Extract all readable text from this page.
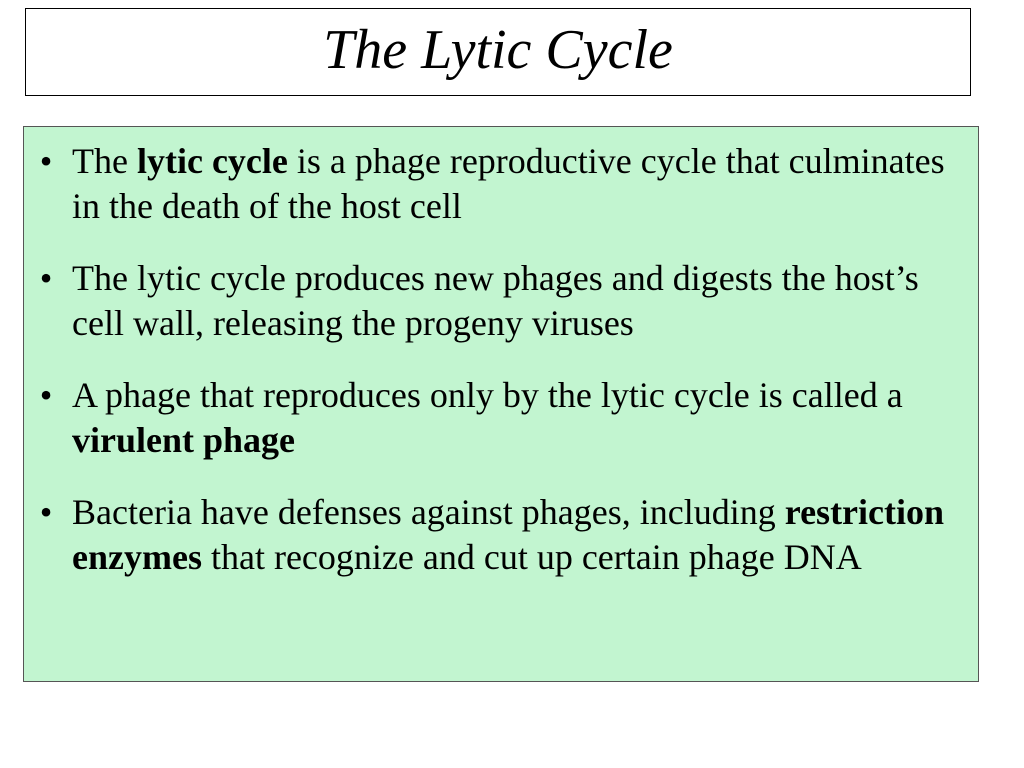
The Lytic Cycle
• The lytic cycle is a phage reproductive cycle that culminates in the death of the host cell
• The lytic cycle produces new phages and digests the host’s cell wall, releasing the progeny viruses
• A phage that reproduces only by the lytic cycle is called a virulent phage
• Bacteria have defenses against phages, including restriction enzymes that recognize and cut up certain phage DNA
